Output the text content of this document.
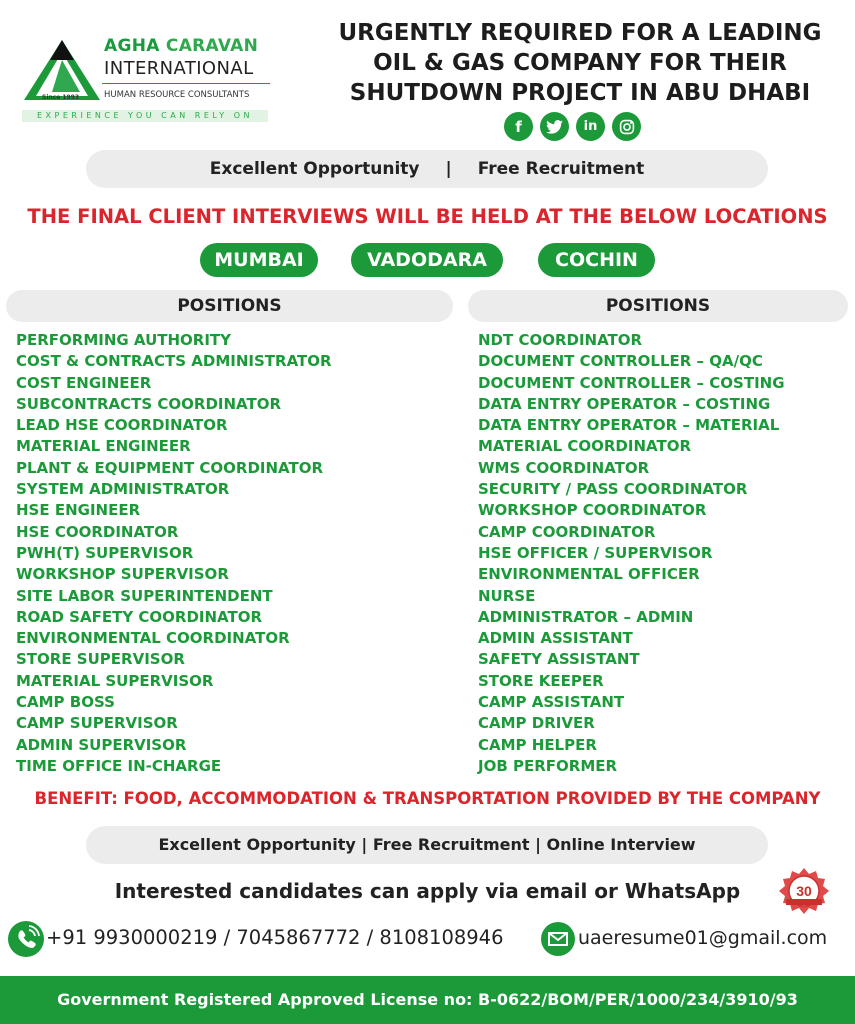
Since 1993
AGHA CARAVAN
INTERNATIONAL
HUMAN RESOURCE CONSULTANTS
EXPERIENCE YOU CAN RELY ON
URGENTLY REQUIRED FOR A LEADING
OIL & GAS COMPANY FOR THEIR
SHUTDOWN PROJECT IN ABU DHABI
f	in
Excellent Opportunity | Free Recruitment
THE FINAL CLIENT INTERVIEWS WILL BE HELD AT THE BELOW LOCATIONS
MUMBAI	VADODARA	COCHIN
POSITIONS	POSITIONS
PERFORMING AUTHORITY
COST & CONTRACTS ADMINISTRATOR
COST ENGINEER
SUBCONTRACTS COORDINATOR
LEAD HSE COORDINATOR
MATERIAL ENGINEER
PLANT & EQUIPMENT COORDINATOR
SYSTEM ADMINISTRATOR
HSE ENGINEER
HSE COORDINATOR
PWH(T) SUPERVISOR
WORKSHOP SUPERVISOR
SITE LABOR SUPERINTENDENT
ROAD SAFETY COORDINATOR
ENVIRONMENTAL COORDINATOR
STORE SUPERVISOR
MATERIAL SUPERVISOR
CAMP BOSS
CAMP SUPERVISOR
ADMIN SUPERVISOR
TIME OFFICE IN-CHARGE
NDT COORDINATOR
DOCUMENT CONTROLLER – QA/QC
DOCUMENT CONTROLLER – COSTING
DATA ENTRY OPERATOR – COSTING
DATA ENTRY OPERATOR – MATERIAL
MATERIAL COORDINATOR
WMS COORDINATOR
SECURITY / PASS COORDINATOR
WORKSHOP COORDINATOR
CAMP COORDINATOR
HSE OFFICER / SUPERVISOR
ENVIRONMENTAL OFFICER
NURSE
ADMINISTRATOR – ADMIN
ADMIN ASSISTANT
SAFETY ASSISTANT
STORE KEEPER
CAMP ASSISTANT
CAMP DRIVER
CAMP HELPER
JOB PERFORMER
BENEFIT: FOOD, ACCOMMODATION & TRANSPORTATION PROVIDED BY THE COMPANY
Excellent Opportunity | Free Recruitment | Online Interview
Interested candidates can apply via email or WhatsApp	30
+91 9930000219 / 7045867772 / 8108108946	uaeresume01@gmail.com
Government Registered Approved License no: B-0622/BOM/PER/1000/234/3910/93
